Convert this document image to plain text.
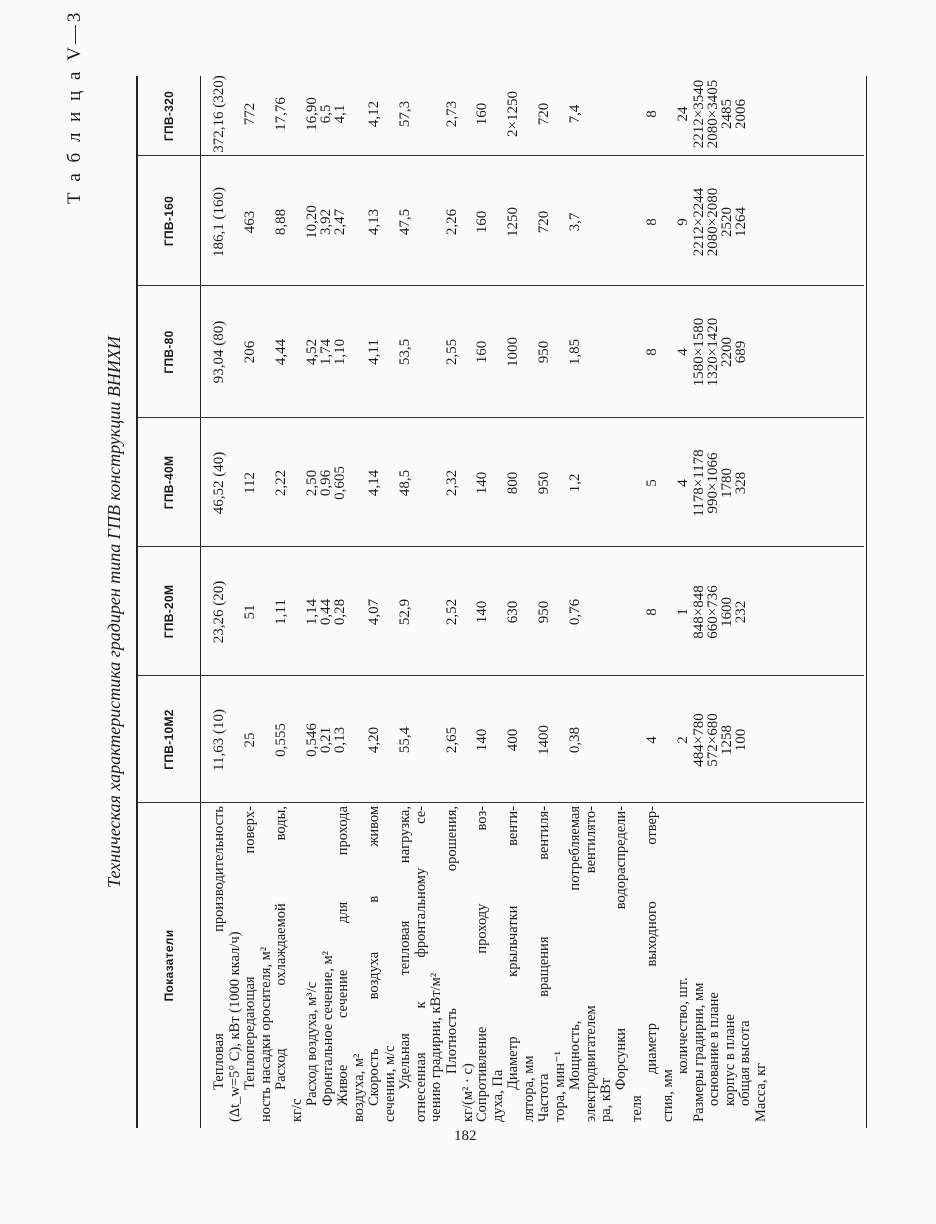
Т а б л и ц а V—3
Техническая характеристика градирен типа ГПВ конструкции ВНИХИ
Показатели
ГПВ-10М2
ГПВ-20М
ГПВ-40М
ГПВ-80
ГПВ-160
ГПВ-320
Тепловая производительность (Δt_w=5° С), кВт (1000 ккал/ч) Теплопередающая поверх- ность насадки оросителя, м² Расход охлаждаемой воды,
кг/с
Расход воздуха, м³/с Фронтальное сечение, м² Живое сечение для прохода воздуха, м² Скорость воздуха в живом сечении, м/с Удельная тепловая нагрузка, отнесенная к фронтальному се- чению градирни, кВт/м² Плотность орошения,
кг/(м² · с)
Сопротивление проходу воз- духа, Па
Диаметр крыльчатки венти- лятора, мм Частота вращения вентиля- тора, мин⁻¹ Мощность, потребляемая электродвигателем вентилято- ра, кВт
Форсунки водораспредели-
теля
диаметр выходного отвер-
стия, мм
количество, шт. Размеры градирни, мм основание в плане корпус в плане общая высота Масса, кг
11,63 (10)
23,26 (20)
46,52 (40)
93,04 (80)
186,1 (160)
372,16 (320)
25
51
112
206
463
772
0,555
1,11
2,22
4,44
8,88
17,76
0,546
0,21
0,13
1,14
0,44
0,28
2,50
0,96
0,605
4,52
1,74
1,10
10,20
3,92
2,47
16,90
6,5
4,1
4,20
4,07
4,14
4,11
4,13
4,12
55,4
52,9
48,5
53,5
47,5
57,3
2,65
2,52
2,32
2,55
2,26
2,73
140
140
140
160
160
160
400
630
800
1000
1250
2×1250
1400
950
950
950
720
720
0,38
0,76
1,2
1,85
3,7
7,4
4
8
5
8
8
8
2
1
4
4
9
24
484×780
572×680
1258
100
848×848
660×736
1600
232
1178×1178
990×1066
1780
328
1580×1580
1320×1420
2200
689
2212×2244
2080×2080
2520
1264
2212×3540
2080×3405
2485
2006
182
